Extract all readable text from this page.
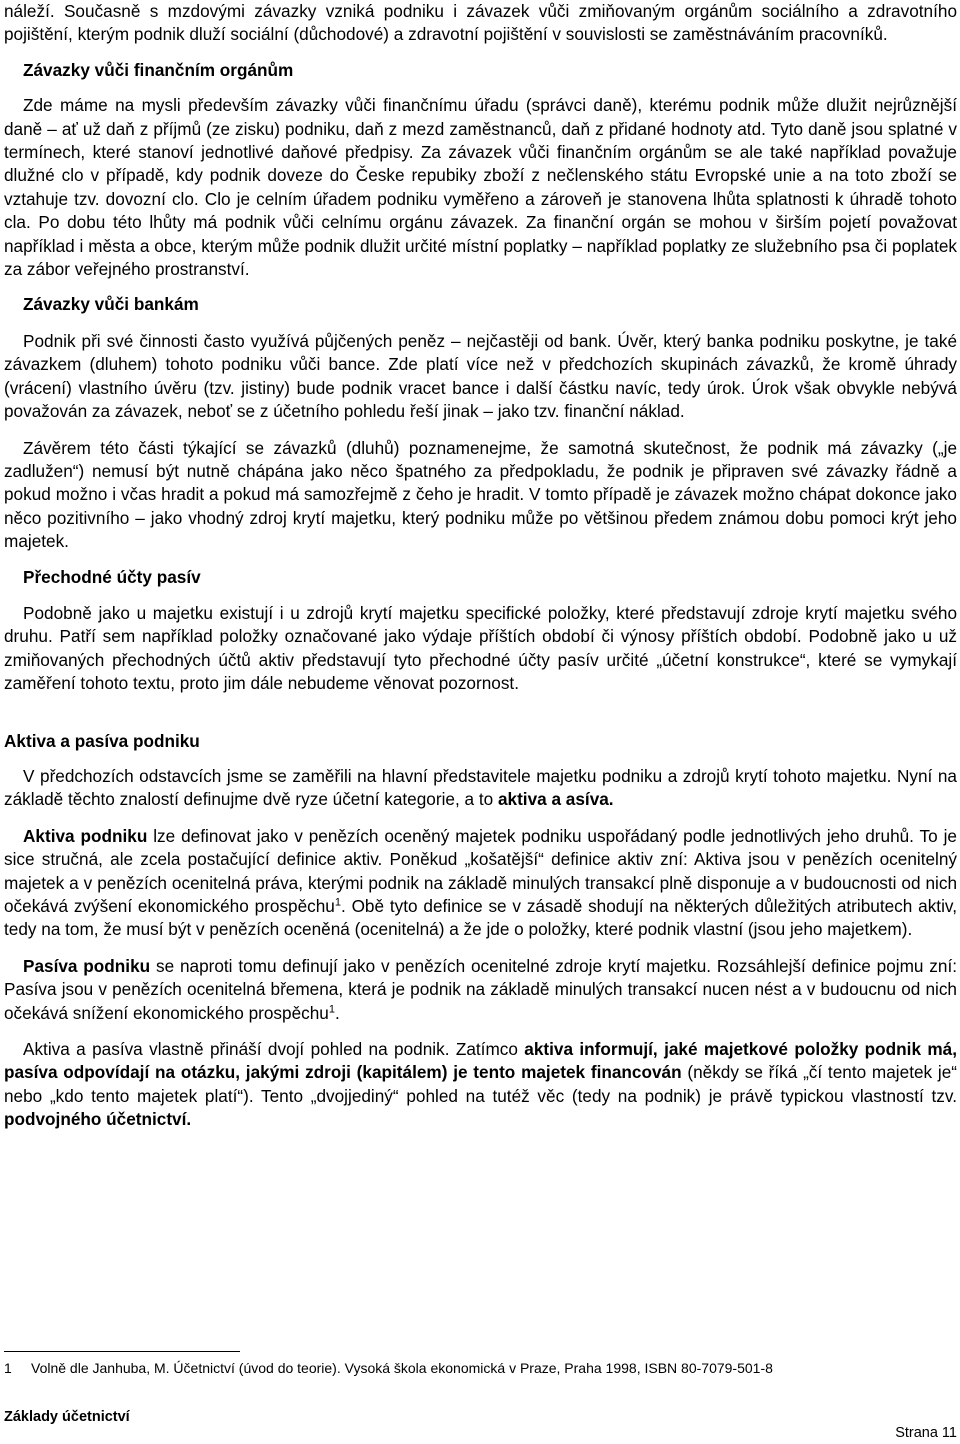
náleží. Současně s mzdovými závazky vzniká podniku i závazek vůči zmiňovaným orgánům sociálního a zdravotního pojištění, kterým podnik dluží sociální (důchodové) a zdravotní pojištění v souvislosti se zaměstnáváním pracovníků.

Závazky vůči finančním orgánům

Zde máme na mysli především závazky vůči finančnímu úřadu (správci daně), kterému podnik může dlužit nejrůznější daně – ať už daň z příjmů (ze zisku) podniku, daň z mezd zaměstnanců, daň z přidané hodnoty atd. Tyto daně jsou splatné v termínech, které stanoví jednotlivé daňové předpisy. Za závazek vůči finančním orgánům se ale také například považuje dlužné clo v případě, kdy podnik doveze do Českе repubiky zboží z nečlenského státu Evropské unie a na toto zboží se vztahuje tzv. dovozní clo. Clo je celním úřadem podniku vyměřeno a zároveň je stanovena lhůta splatnosti k úhradě tohoto cla. Po dobu této lhůty má podnik vůči celnímu orgánu závazek. Za finanční orgán se mohou v širším pojetí považovat například i města a obce, kterým může podnik dlužit určité místní poplatky – například poplatky ze služebního psa či poplatek za zábor veřejného prostranství.

Závazky vůči bankám

Podnik při své činnosti často využívá půjčených peněz – nejčastěji od bank. Úvěr, který banka podniku poskytne, je také závazkem (dluhem) tohoto podniku vůči bance. Zde platí více než v předchozích skupinách závazků, že kromě úhrady (vrácení) vlastního úvěru (tzv. jistiny) bude podnik vracet bance i další částku navíc, tedy úrok. Úrok však obvykle nebývá považován za závazek, neboť se z účetního pohledu řeší jinak – jako tzv. finanční náklad.

Závěrem této části týkající se závazků (dluhů) poznamenejme, že samotná skutečnost, že podnik má závazky („je zadlužen“) nemusí být nutně chápána jako něco špatného za předpokladu, že podnik je připraven své závazky řádně a pokud možno i včas hradit a pokud má samozřejmě z čeho je hradit. V tomto případě je závazek možno chápat dokonce jako něco pozitivního – jako vhodný zdroj krytí majetku, který podniku může po většinou předem známou dobu pomoci krýt jeho majetek.

Přechodné účty pasív

Podobně jako u majetku existují i u zdrojů krytí majetku specifické položky, které představují zdroje krytí majetku svého druhu. Patří sem například položky označované jako výdaje příštích období či výnosy příštích období. Podobně jako u už zmiňovaných přechodných účtů aktiv představují tyto přechodné účty pasív určité „účetní konstrukce“, které se vymykají zaměření tohoto textu, proto jim dále nebudeme věnovat pozornost.

Aktiva a pasíva podniku

V předchozích odstavcích jsme se zaměřili na hlavní představitele majetku podniku a zdrojů krytí tohoto majetku. Nyní na základě těchto znalostí definujme dvě ryze účetní kategorie, a to aktiva a asíva.

Aktiva podniku lze definovat jako v penězích oceněný majetek podniku uspořádaný podle jednotlivých jeho druhů. To je sice stručná, ale zcela postačující definice aktiv. Poněkud „košatější“ definice aktiv zní: Aktiva jsou v penězích ocenitelný majetek a v penězích ocenitelná práva, kterými podnik na základě minulých transakcí plně disponuje a v budoucnosti od nich očekává zvýšení ekonomického prospěchu$^1$. Obě tyto definice se v zásadě shodují na některých důležitých atributech aktiv, tedy na tom, že musí být v penězích oceněná (ocenitelná) a že jde o položky, které podnik vlastní (jsou jeho majetkem).

Pasíva podniku se naproti tomu definují jako v penězích ocenitelné zdroje krytí majetku. Rozsáhlejší definice pojmu zní: Pasíva jsou v penězích ocenitelná břemena, která je podnik na základě minulých transakcí nucen nést a v budoucnu od nich očekává snížení ekonomického prospěchu$^1$.

Aktiva a pasíva vlastně přináší dvojí pohled na podnik. Zatímco aktiva informují, jaké majetkové položky podnik má, pasíva odpovídají na otázku, jakými zdroji (kapitálem) je tento majetek financován (někdy se říká „čí tento majetek je“ nebo „kdo tento majetek platí“). Tento „dvojjediný“ pohled na tutéž věc (tedy na podnik) je právě typickou vlastností tzv. podvojného účetnictví.

1 Volně dle Janhuba, M. Účetnictví (úvod do teorie). Vysoká škola ekonomická v Praze, Praha 1998, ISBN 80-7079-501-8
Základy účetnictví
Strana 11
